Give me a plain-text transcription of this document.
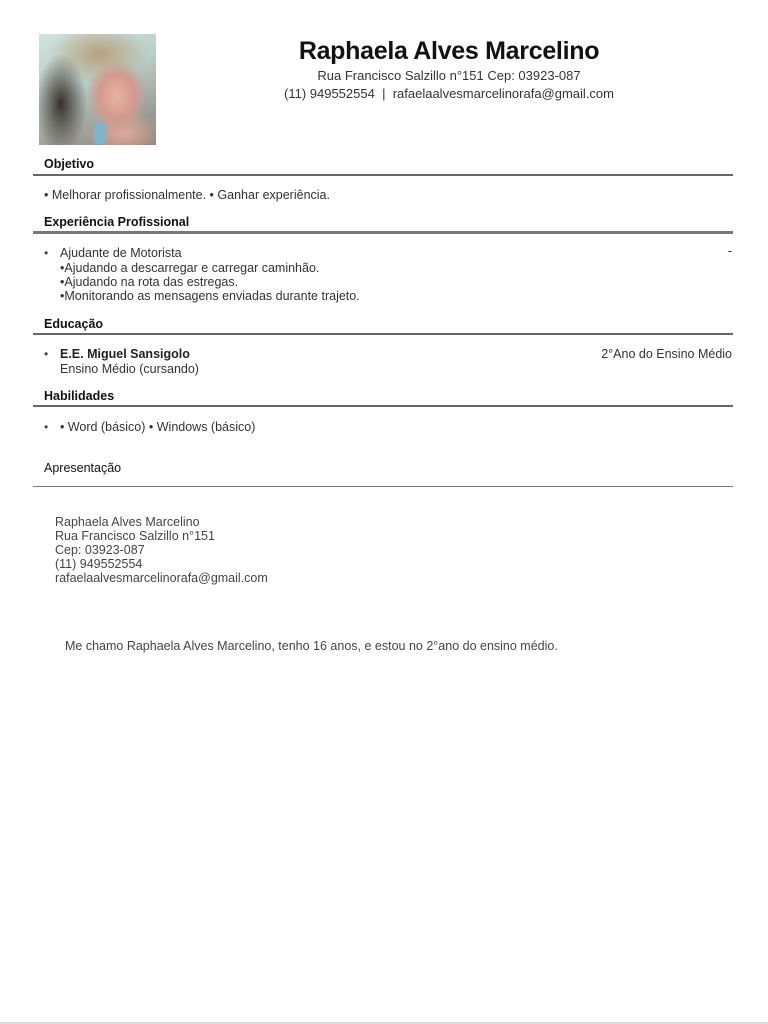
Raphaela Alves Marcelino
Rua Francisco Salzillo n°151 Cep: 03923-087
(11) 949552554 | rafaelaalvesmarcelinorafa@gmail.com
Objetivo
• Melhorar profissionalmente. • Ganhar experiência.
Experiência Profissional
• Ajudante de Motorista	-
•Ajudando a descarregar e carregar caminhão.
•Ajudando na rota das estregas.
•Monitorando as mensagens enviadas durante trajeto.
Educação
• E.E. Miguel Sansigolo	2°Ano do Ensino Médio
Ensino Médio (cursando)
Habilidades
• • Word (básico) • Windows (básico)
Apresentação
Raphaela Alves Marcelino
Rua Francisco Salzillo n°151
Cep: 03923-087
(11) 949552554
rafaelaalvesmarcelinorafa@gmail.com
Me chamo Raphaela Alves Marcelino, tenho 16 anos, e estou no 2°ano do ensino médio.
